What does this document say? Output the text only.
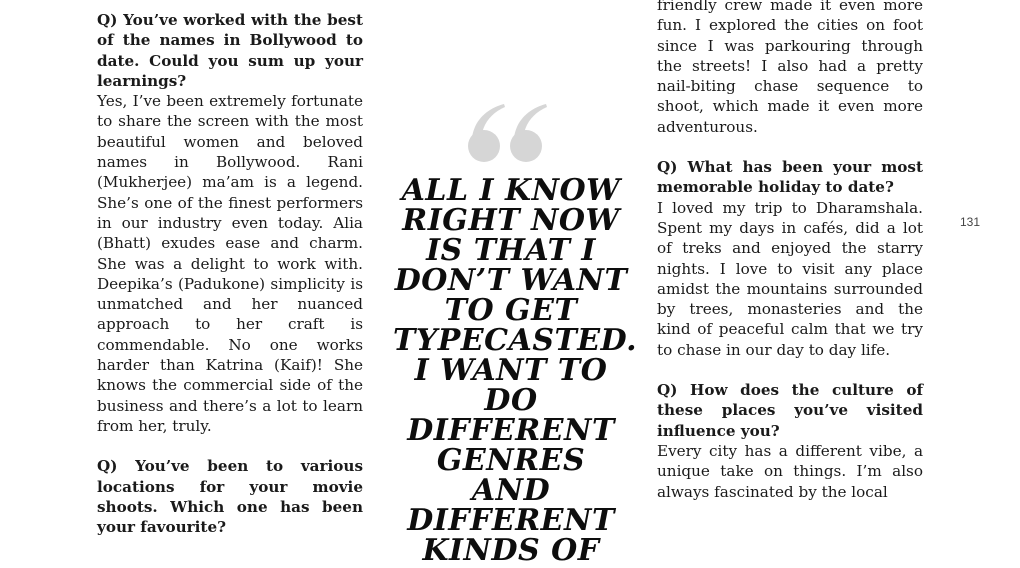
Q) You’ve worked with the best of the names in Bollywood to date. Could you sum up your learnings?

Yes, I’ve been extremely fortunate to share the screen with the most beautiful women and beloved names in Bollywood. Rani (Mukherjee) ma’am is a legend. She’s one of the finest performers in our industry even today. Alia (Bhatt) exudes ease and charm. She was a delight to work with. Deepika’s (Padukone) simplicity is unmatched and her nuanced approach to her craft is commendable. No one works harder than Katrina (Kaif)! She knows the commercial side of the business and there’s a lot to learn from her, truly.

Q) You’ve been to various locations for your movie shoots. Which one has been your favourite?

ALL I KNOW RIGHT NOW IS THAT I DON’T WANT TO GET TYPECASTED. I WANT TO DO DIFFERENT GENRES AND DIFFERENT KINDS OF

friendly crew made it even more fun. I explored the cities on foot since I was parkouring through the streets! I also had a pretty nail-biting chase sequence to shoot, which made it even more adventurous.

Q) What has been your most memorable holiday to date?

I loved my trip to Dharamshala. Spent my days in cafés, did a lot of treks and enjoyed the starry nights. I love to visit any place amidst the mountains surrounded by trees, monasteries and the kind of peaceful calm that we try to chase in our day to day life.

Q) How does the culture of these places you’ve visited influence you?

Every city has a different vibe, a unique take on things. I’m also always fascinated by the local

131
